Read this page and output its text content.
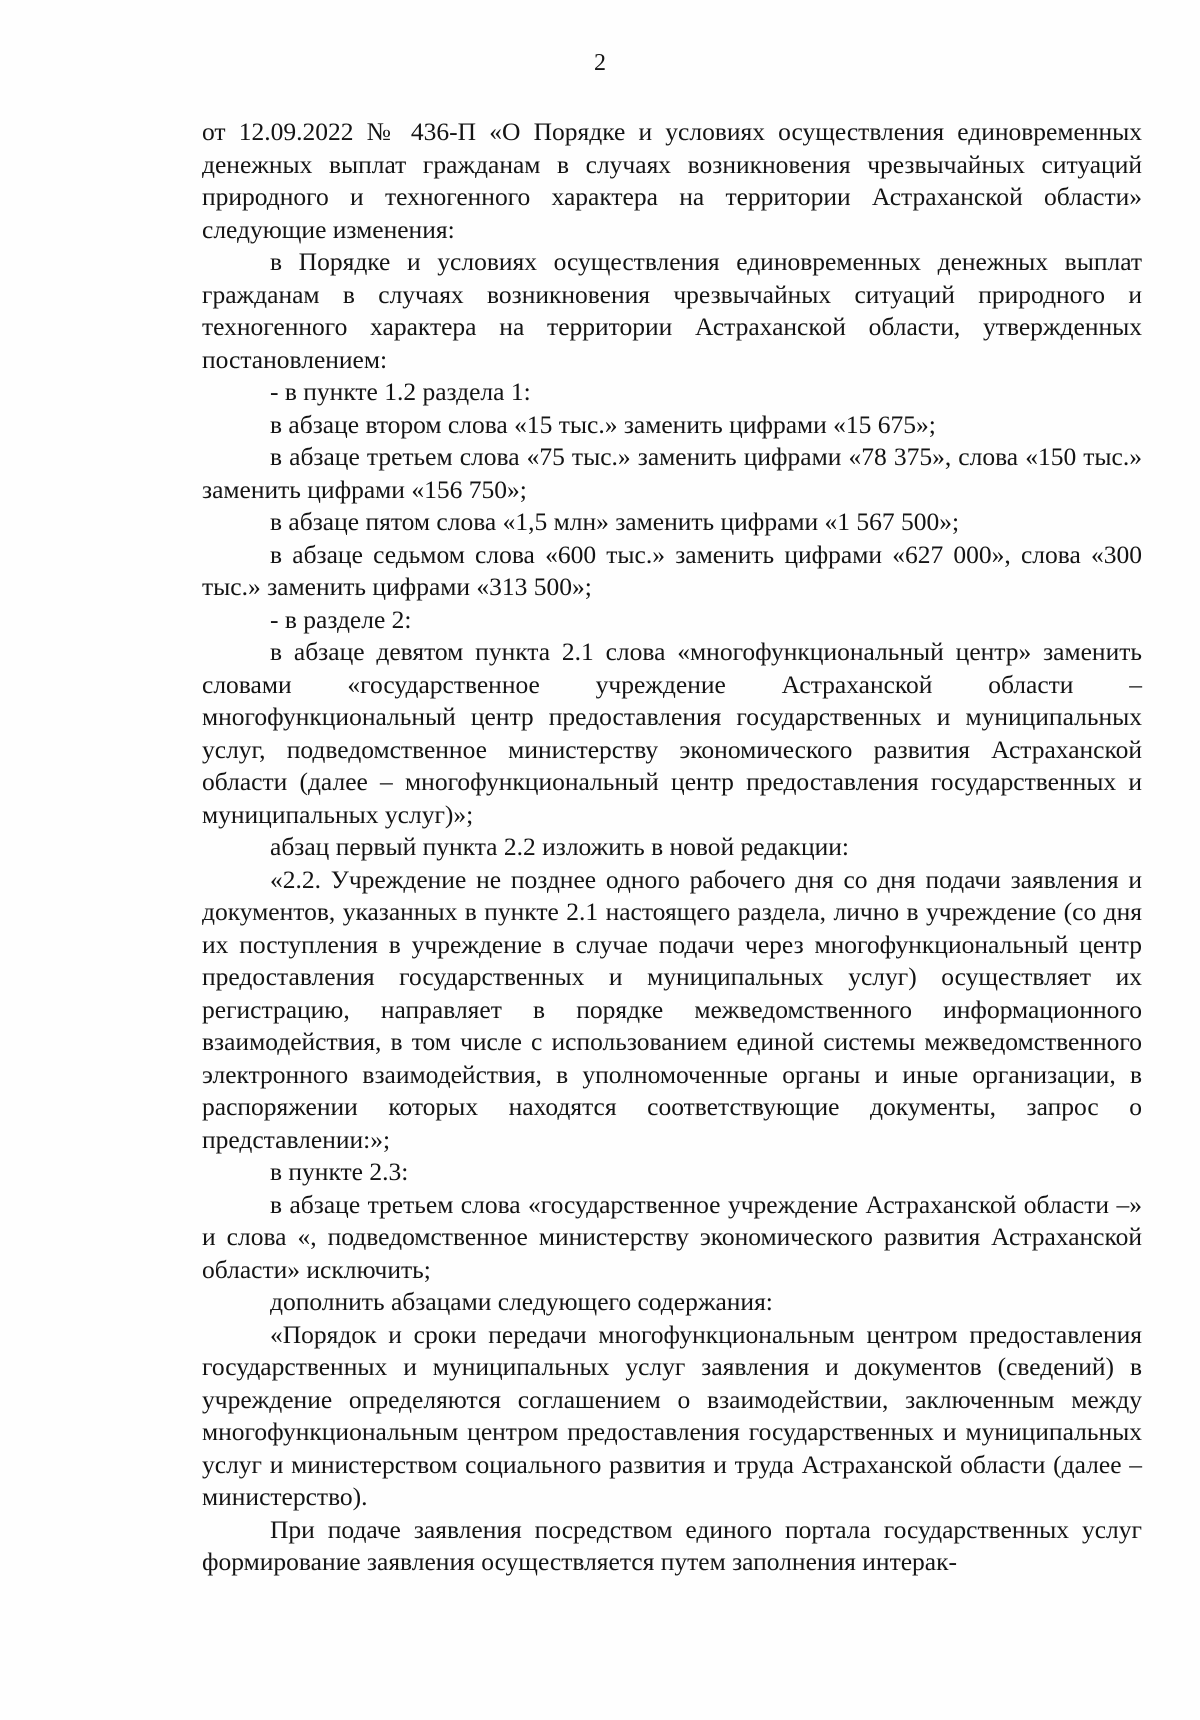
2

от 12.09.2022 № 436-П «О Порядке и условиях осуществления единовременных денежных выплат гражданам в случаях возникновения чрезвычайных ситуаций природного и техногенного характера на территории Астраханской области» следующие изменения:

в Порядке и условиях осуществления единовременных денежных выплат гражданам в случаях возникновения чрезвычайных ситуаций природного и техногенного характера на территории Астраханской области, утвержденных постановлением:

- в пункте 1.2 раздела 1:

в абзаце втором слова «15 тыс.» заменить цифрами «15 675»;

в абзаце третьем слова «75 тыс.» заменить цифрами «78 375», слова «150 тыс.» заменить цифрами «156 750»;

в абзаце пятом слова «1,5 млн» заменить цифрами «1 567 500»;

в абзаце седьмом слова «600 тыс.» заменить цифрами «627 000», слова «300 тыс.» заменить цифрами «313 500»;

- в разделе 2:

в абзаце девятом пункта 2.1 слова «многофункциональный центр» заменить словами «государственное учреждение Астраханской области – многофункциональный центр предоставления государственных и муниципальных услуг, подведомственное министерству экономического развития Астраханской области (далее – многофункциональный центр предоставления государственных и муниципальных услуг)»;

абзац первый пункта 2.2 изложить в новой редакции:

«2.2. Учреждение не позднее одного рабочего дня со дня подачи заявления и документов, указанных в пункте 2.1 настоящего раздела, лично в учреждение (со дня их поступления в учреждение в случае подачи через многофункциональный центр предоставления государственных и муниципальных услуг) осуществляет их регистрацию, направляет в порядке межведомственного информационного взаимодействия, в том числе с использованием единой системы межведомственного электронного взаимодействия, в уполномоченные органы и иные организации, в распоряжении которых находятся соответствующие документы, запрос о представлении:»;

в пункте 2.3:

в абзаце третьем слова «государственное учреждение Астраханской области –» и слова «, подведомственное министерству экономического развития Астраханской области» исключить;

дополнить абзацами следующего содержания:

«Порядок и сроки передачи многофункциональным центром предоставления государственных и муниципальных услуг заявления и документов (сведений) в учреждение определяются соглашением о взаимодействии, заключенным между многофункциональным центром предоставления государственных и муниципальных услуг и министерством социального развития и труда Астраханской области (далее – министерство).

При подаче заявления посредством единого портала государственных услуг формирование заявления осуществляется путем заполнения интерак-
